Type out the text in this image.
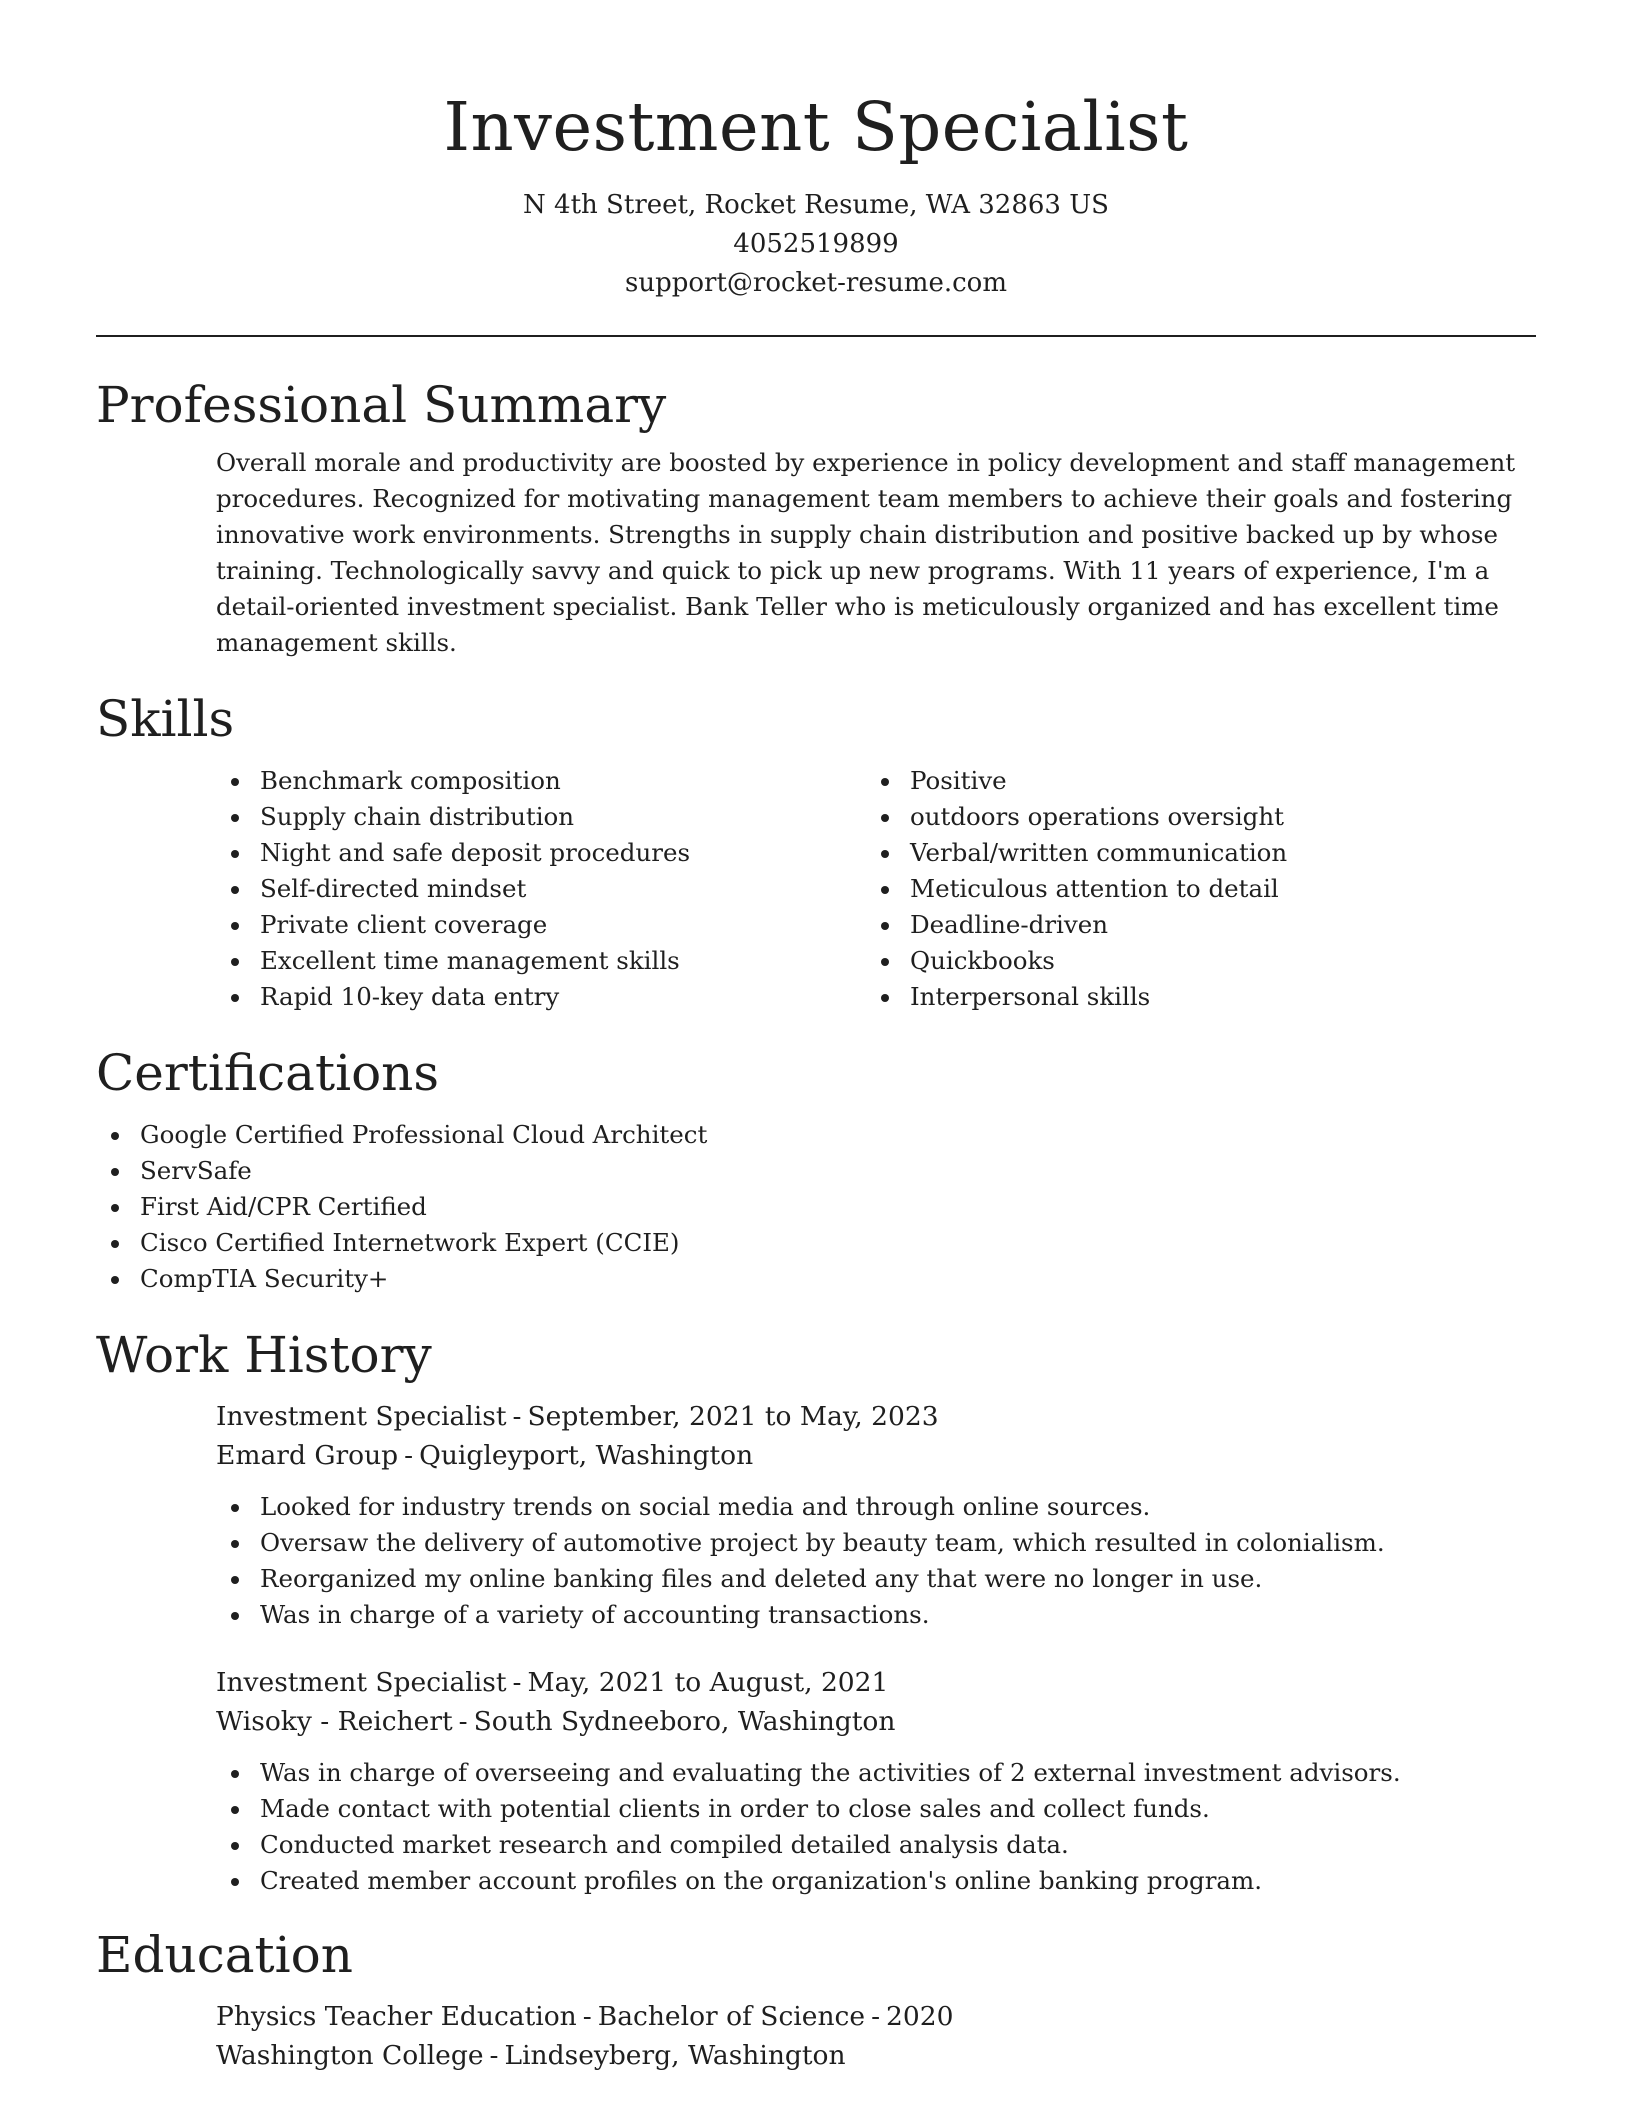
Investment Specialist
N 4th Street, Rocket Resume, WA 32863 US
4052519899
support@rocket-resume.com
Professional Summary
Overall morale and productivity are boosted by experience in policy development and staff management procedures. Recognized for motivating management team members to achieve their goals and fostering innovative work environments. Strengths in supply chain distribution and positive backed up by whose training. Technologically savvy and quick to pick up new programs. With 11 years of experience, I'm a detail-oriented investment specialist. Bank Teller who is meticulously organized and has excellent time management skills.
Skills
Benchmark composition
Supply chain distribution
Night and safe deposit procedures
Self-directed mindset
Private client coverage
Excellent time management skills
Rapid 10-key data entry
Positive
outdoors operations oversight
Verbal/written communication
Meticulous attention to detail
Deadline-driven
Quickbooks
Interpersonal skills
Certifications
Google Certified Professional Cloud Architect
ServSafe
First Aid/CPR Certified
Cisco Certified Internetwork Expert (CCIE)
CompTIA Security+
Work History
Investment Specialist - September, 2021 to May, 2023
Emard Group - Quigleyport, Washington
Looked for industry trends on social media and through online sources.
Oversaw the delivery of automotive project by beauty team, which resulted in colonialism.
Reorganized my online banking files and deleted any that were no longer in use.
Was in charge of a variety of accounting transactions.
Investment Specialist - May, 2021 to August, 2021
Wisoky - Reichert - South Sydneeboro, Washington
Was in charge of overseeing and evaluating the activities of 2 external investment advisors.
Made contact with potential clients in order to close sales and collect funds.
Conducted market research and compiled detailed analysis data.
Created member account profiles on the organization's online banking program.
Education
Physics Teacher Education - Bachelor of Science - 2020
Washington College - Lindseyberg, Washington
